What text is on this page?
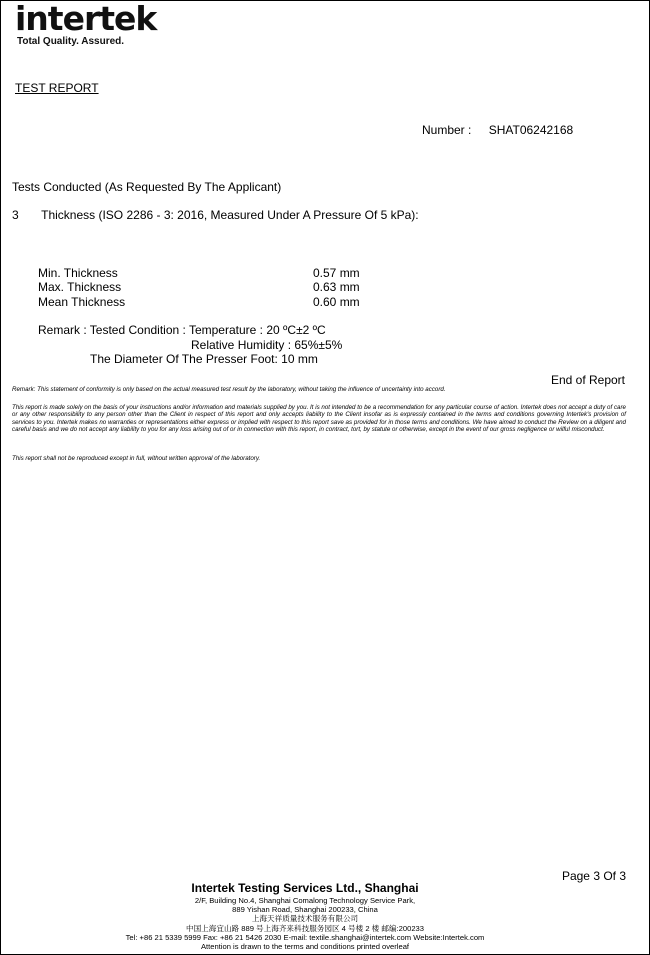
intertek
Total Quality. Assured.
TEST REPORT
Number : SHAT06242168
Tests Conducted (As Requested By The Applicant)
3 Thickness (ISO 2286 - 3: 2016, Measured Under A Pressure Of 5 kPa):
Min. Thickness	0.57 mm
Max. Thickness	0.63 mm
Mean Thickness	0.60 mm
Remark : Tested Condition : Temperature : 20 ºC±2 ºC
Relative Humidity : 65%±5%
The Diameter Of The Presser Foot: 10 mm
End of Report
Remark: This statement of conformity is only based on the actual measured test result by the laboratory, without taking the influence of uncertainty into accord.
This report is made solely on the basis of your instructions and/or information and materials supplied by you. It is not intended to be a recommendation for any particular course of action. Intertek does not accept a duty of care or any other responsibility to any person other than the Client in respect of this report and only accepts liability to the Client insofar as is expressly contained in the terms and conditions governing Intertek's provision of services to you. Intertek makes no warranties or representations either express or implied with respect to this report save as provided for in those terms and conditions. We have aimed to conduct the Review on a diligent and careful basis and we do not accept any liability to you for any loss arising out of or in connection with this report, in contract, tort, by statute or otherwise, except in the event of our gross negligence or wilful misconduct.
This report shall not be reproduced except in full, without written approval of the laboratory.
Page 3 Of 3
Intertek Testing Services Ltd., Shanghai
2/F, Building No.4, Shanghai Comalong Technology Service Park,
889 Yishan Road, Shanghai 200233, China
上海天祥质量技术服务有限公司
中国上海宜山路 889 号上海齐来科技服务园区 4 号楼 2 楼 邮编:200233
Tel: +86 21 5339 5999 Fax: +86 21 5426 2030 E-mail: textile.shanghai@intertek.com Website:Intertek.com
Attention is drawn to the terms and conditions printed overleaf
